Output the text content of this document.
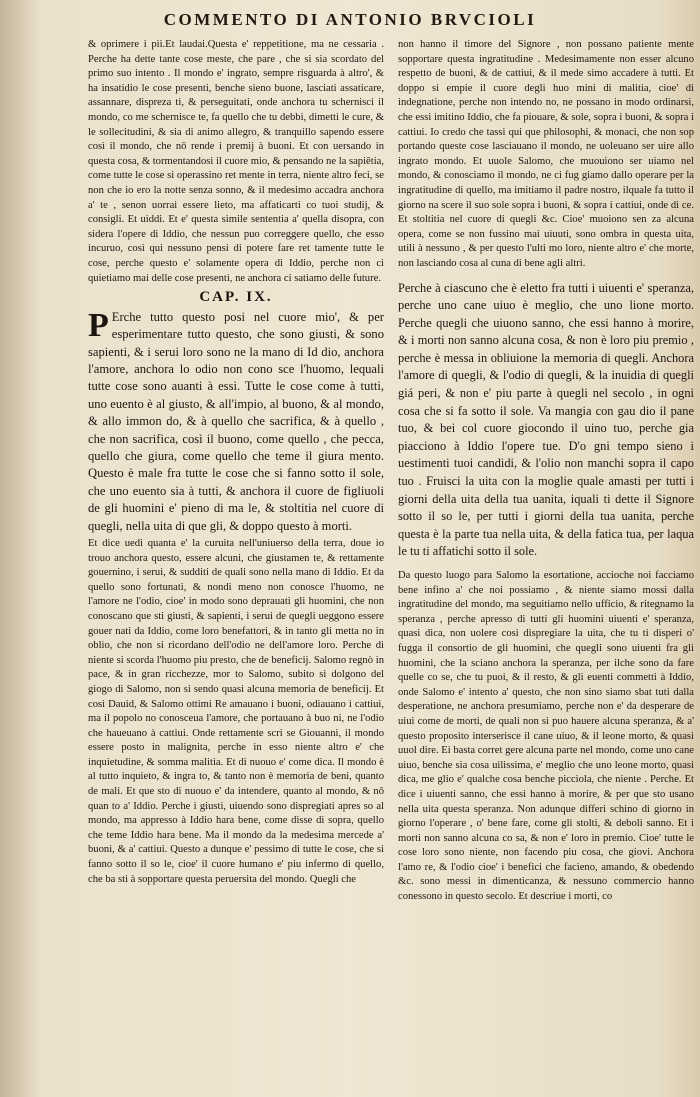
COMMENTO DI ANTONIO BRVCIOLI

& oprimere i pii.Et laudai.Questa e' reppetitione, ma ne cessaria . Perche ha dette tante cose meste, che pare , che si sia scordato del primo suo intento . Il mondo e' ingrato, sempre risguarda à altro', & ha insatidio le cose presenti, benche sieno buone, lasciati assaticare, assannare, dispreza ti, & perseguitati, onde anchora tu schernisci il mondo, co me schernisce te, fa quello che tu debbi, dimetti le cure, & le sollecitudini, & sia di animo allegro, & tranquillo sapendo essere così il mondo, che nō rende i premij à buoni. Et con uersando in questa cosa, & tormentandosi il cuore mio, & pensando ne la sapiētia, come tutte le cose si operassino ret mente in terra, niente altro feci, se non che io ero la notte senza sonno, & il medesimo accadra anchora a' te , senon uorrai essere lieto, ma affaticarti co tuoi studij, & consigli. Et uiddi. Et e' questa simile sententia a' quella disopra, con sidera l'opere di Iddio, che nessun puo correggere quello, che esso incuruo, così qui nessuno pensi di potere fare ret tamente tutte le cose, perche questo e' solamente opera di Iddio, perche non ci quietiamo mai delle cose presenti, ne anchora ci satiamo delle future.

CAP. IX.

P Erche tutto questo posi nel cuore mio', & per esperimentare tutto questo, che sono giusti, & sono sapienti, & i serui loro sono ne la mano di Id dio, anchora l'amore, anchora lo odio non cono sce l'huomo, lequali tutte cose sono auanti à essi. Tutte le cose come à tutti, uno euento è al giusto, & all'impio, al buono, & al mondo, & allo immon do, & à quello che sacrifica, & à quello , che non sacrifica, così il buono, come quello , che pecca, quello che giura, come quello che teme il giura mento. Questo è male fra tutte le cose che si fanno sotto il sole, che uno euento sia à tutti, & anchora il cuore de figliuoli de gli huomini e' pieno di ma le, & stoltitia nel cuore di quegli, nella uita di que gli, & doppo questo à morti.

Et dice uedi quanta e' la curuita nell'uniuerso della terra, doue io trouo anchora questo, essere alcuni, che giustamen te, & rettamente gouernino, i serui, & sudditi de quali sono nella mano di Iddio. Et da quello sono fortunati, & nondi meno non conosce l'huomo, ne l'amore ne l'odio, cioe' in modo sono deprauati gli huomini, che non conoscano que sti giusti, & sapienti, i serui de quegli ueggono essere gouer nati da Iddio, come loro benefattori, & in tanto gli metta no in oblio, che non si ricordano dell'odio ne dell'amore loro. Perche di niente si scorda l'huomo piu presto, che de beneficij. Salomo regnò in pace, & in gran ricchezze, mor to Salomo, subito si dolgono del giogo di Salomo, non si sendo quasi alcuna memoria de beneficij. Et così Dauid, & Salomo ottimi Re amauano i buoni, odiauano i cattiui, ma il popolo no conosceua l'amore, che portauano à buo ni, ne l'odio che haueuano à cattiui. Onde rettamente scri se Giouanni, il mondo essere posto in malignita, perche in esso niente altro e' che inquietudine, & somma malitia. Et di nuouo e' come dica. Il mondo è al tutto inquieto, & ingra to, & tanto non è memoria de beni, quanto de mali. Et que sto di nuouo e' da intendere, quanto al mondo, & nō quan to a' Iddio. Perche i giusti, uiuendo sono dispregiati apres so al mondo, ma appresso à Iddio hara bene, come disse di sopra, quello che teme Iddio hara bene. Ma il mondo da la medesima mercede a' buoni, & a' cattiui. Questo a dunque e' pessimo di tutte le cose, che si fanno sotto il so le, cioe' il cuore humano e' piu infermo di quello, che ba sti à sopportare questa peruersita del mondo. Quegli che

non hanno il timore del Signore , non possano patiente mente sopportare questa ingratitudine . Medesimamente non esser alcuno respetto de buoni, & de cattiui, & il mede simo accadere à tutti. Et doppo si empie il cuore degli huo mini di malitia, cioe' di indegnatione, perche non intendo no, ne possano in modo ordinarsi, che essi imitino Iddio, che fa piouare, & sole, sopra i buoni, & sopra i cattiui. Io credo che tassi qui que philosophi, & monaci, che non sop portando queste cose lasciauano il mondo, ne uoleuano ser uire allo ingrato mondo. Et uuole Salomo, che muouiono ser uiamo nel mondo, & conosciamo il mondo, ne ci fug giamo dallo operare per la ingratitudine di quello, ma imitiamo il padre nostro, ilquale fa tutto il giorno na scere il suo sole sopra i buoni, & sopra i cattiui, onde di ce. Et stoltitia nel cuore di quegli &c. Cioe' muoiono sen za alcuna opera, come se non fussino mai uiuuti, sono ombra in questa uita, utili à nessuno , & per questo l'ulti mo loro, niente altro e' che morte, non lasciando cosa al cuna di bene agli altri.

Perche à ciascuno che è eletto fra tutti i uiuenti e' speranza, perche uno cane uiuo è meglio, che uno lione morto. Perche quegli che uiuono sanno, che essi hanno à morire, & i morti non sanno alcuna cosa, & non è loro piu premio , perche è messa in obliuione la memoria di quegli. Anchora l'amore di quegli, & l'odio di quegli, & la inuidia di quegli giá peri, & non e' piu parte à quegli nel secolo , in ogni cosa che si fa sotto il sole. Va mangia con gau dio il pane tuo, & bei col cuore giocondo il uino tuo, perche gia piacciono à Iddio l'opere tue. D'o gni tempo sieno i uestimenti tuoi candidi, & l'olio non manchi sopra il capo tuo . Fruisci la uita con la moglie quale amasti per tutti i giorni della uita della tua uanita, iquali ti dette il Signore sotto il so le, per tutti i giorni della tua uanita, perche questa è la parte tua nella uita, & della fatica tua, per laqua le tu ti affatichi sotto il sole.

Da questo luogo para Salomo la esortatione, accioche noi facciamo bene infino a' che noi possiamo , & niente siamo mossi dalla ingratitudine del mondo, ma seguitiamo nello ufficio, & ritegnamo la speranza , perche apresso di tutti gli huomini uiuenti e' speranza, quasi dica, non uolere cosi dispregiare la uita, che tu ti disperi o' fugga il consortio de gli huomini, che quegli sono uiuenti fra gli huomini, che la sciano anchora la speranza, per ilche sono da fare quelle co se, che tu puoi, & il resto, & gli euenti commetti à Iddio, onde Salomo e' intento a' questo, che non sino siamo sbat tuti dalla desperatione, ne anchora presumiamo, perche non e' da desperare de uiui come de morti, de quali non si puo hauere alcuna speranza, & a' questo proposito interserisce il cane uiuo, & il leone morto, & quasi uuol dire. Ei basta corret gere alcuna parte nel mondo, come uno cane uiuo, benche sia cosa uilissima, e' meglio che uno leone morto, quasi dica, me glio e' qualche cosa benche picciola, che niente . Perche. Et dice i uiuenti sanno, che essi hanno à morire, & per que sto usano nella uita questa speranza. Non adunque differi schino di giorno in giorno l'operare , o' bene fare, come gli stolti, & deboli sanno. Et i morti non sanno alcuna co sa, & non e' loro in premio. Cioe' tutte le cose loro sono niente, non facendo piu cosa, che giovi. Anchora l'amo re, & l'odio cioe' i benefici che facieno, amando, & obedendo &c. sono messi in dimenticanza, & nessuno commercio hanno conessono in questo secolo. Et descriue i morti, co
